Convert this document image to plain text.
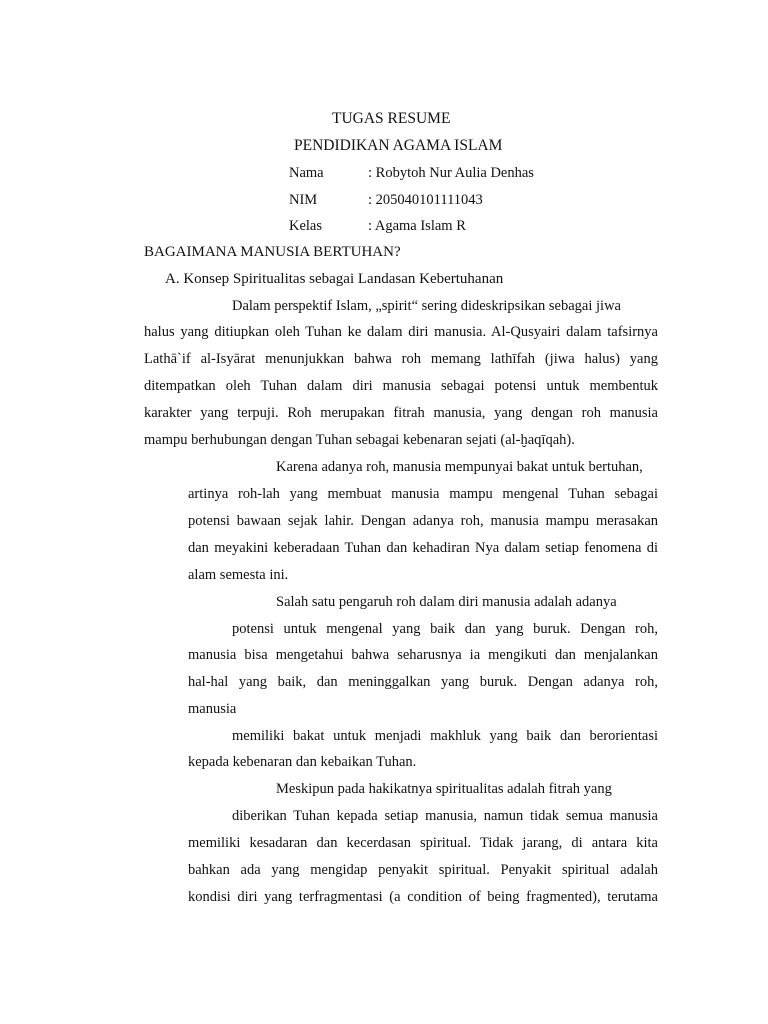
TUGAS RESUME
PENDIDIKAN AGAMA ISLAM
Nama	: Robytoh Nur Aulia Denhas
NIM	: 205040101111043
Kelas	: Agama Islam R
BAGAIMANA MANUSIA BERTUHAN?
A. Konsep Spiritualitas sebagai Landasan Kebertuhanan
Dalam perspektif Islam, „spirit“ sering dideskripsikan sebagai jiwa
halus yang ditiupkan oleh Tuhan ke dalam diri manusia. Al-Qusyairi dalam tafsirnya
Lathā`if al-Isyārat menunjukkan bahwa roh memang lathīfah (jiwa halus) yang
ditempatkan oleh Tuhan dalam diri manusia sebagai potensi untuk membentuk
karakter yang terpuji. Roh merupakan fitrah manusia, yang dengan roh manusia
mampu berhubungan dengan Tuhan sebagai kebenaran sejati (al-ḫaqīqah).
Karena adanya roh, manusia mempunyai bakat untuk bertuhan,
artinya roh-lah yang membuat manusia mampu mengenal Tuhan sebagai
potensi bawaan sejak lahir. Dengan adanya roh, manusia mampu merasakan
dan meyakini keberadaan Tuhan dan kehadiran Nya dalam setiap fenomena di
alam semesta ini.
Salah satu pengaruh roh dalam diri manusia adalah adanya
potensi untuk mengenal yang baik dan yang buruk. Dengan roh,
manusia bisa mengetahui bahwa seharusnya ia mengikuti dan menjalankan
hal-hal yang baik, dan meninggalkan yang buruk. Dengan adanya roh,
manusia
memiliki bakat untuk menjadi makhluk yang baik dan berorientasi
kepada kebenaran dan kebaikan Tuhan.
Meskipun pada hakikatnya spiritualitas adalah fitrah yang
diberikan Tuhan kepada setiap manusia, namun tidak semua manusia
memiliki kesadaran dan kecerdasan spiritual. Tidak jarang, di antara kita
bahkan ada yang mengidap penyakit spiritual. Penyakit spiritual adalah
kondisi diri yang terfragmentasi (a condition of being fragmented), terutama
